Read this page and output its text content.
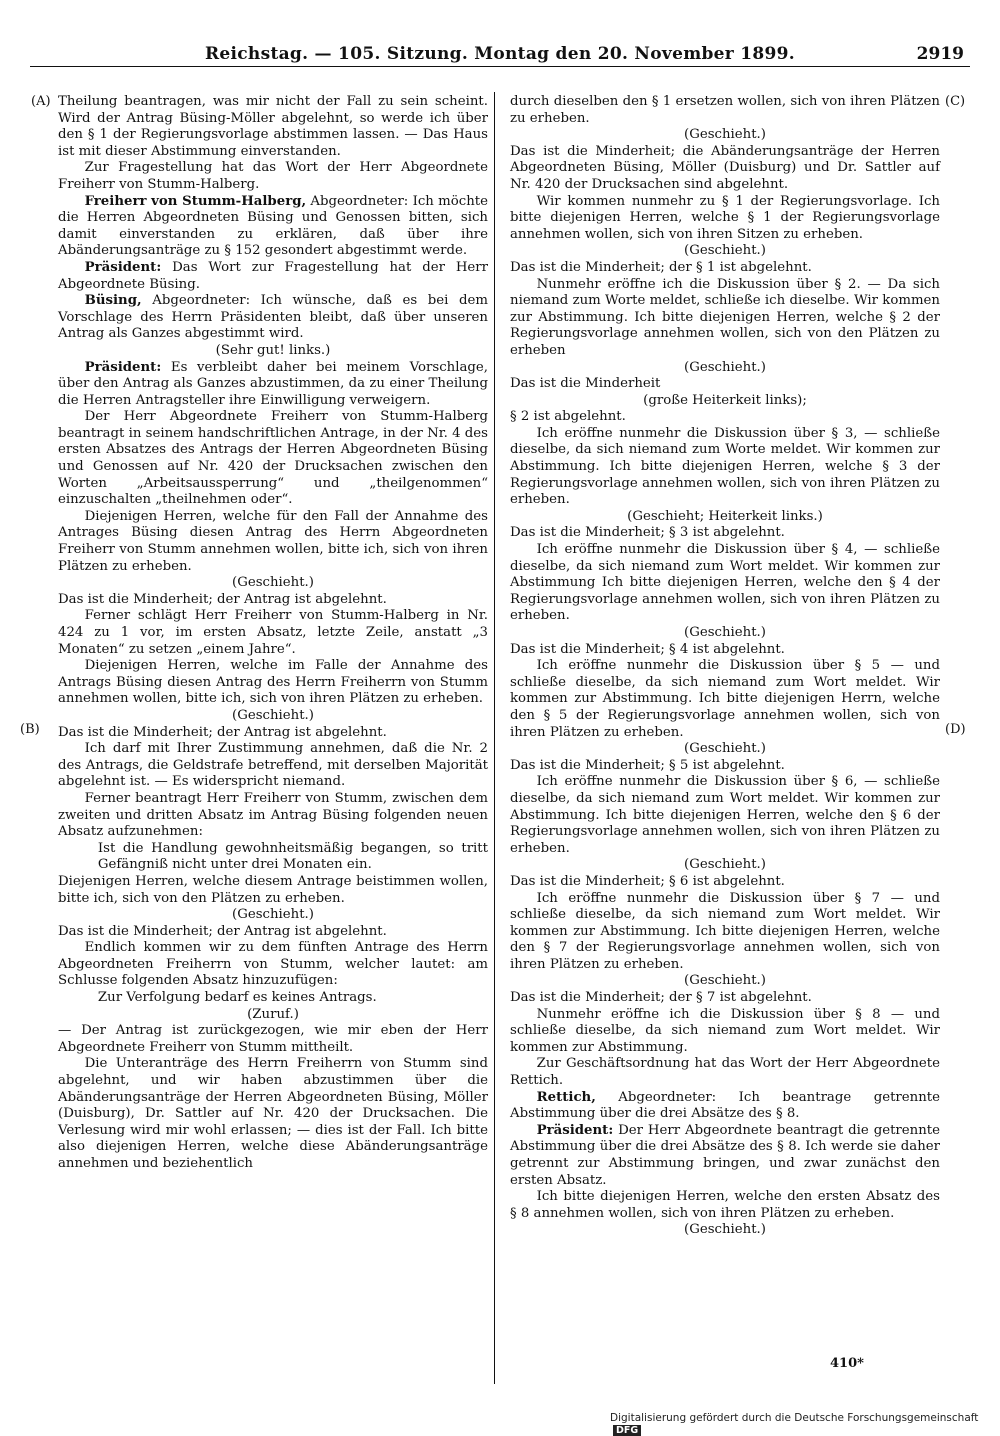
Reichstag. — 105. Sitzung. Montag den 20. November 1899.	2919
(A)
(B)
(C)
(D)

Theilung beantragen, was mir nicht der Fall zu sein scheint. Wird der Antrag Büsing-Möller abgelehnt, so werde ich über den § 1 der Regierungsvorlage abstimmen lassen. — Das Haus ist mit dieser Abstimmung einverstanden.

Zur Fragestellung hat das Wort der Herr Abgeordnete Freiherr von Stumm-Halberg.

Freiherr von Stumm-Halberg, Abgeordneter: Ich möchte die Herren Abgeordneten Büsing und Genossen bitten, sich damit einverstanden zu erklären, daß über ihre Abänderungsanträge zu § 152 gesondert abgestimmt werde.

Präsident: Das Wort zur Fragestellung hat der Herr Abgeordnete Büsing.

Büsing, Abgeordneter: Ich wünsche, daß es bei dem Vorschlage des Herrn Präsidenten bleibt, daß über unseren Antrag als Ganzes abgestimmt wird.

(Sehr gut! links.)

Präsident: Es verbleibt daher bei meinem Vorschlage, über den Antrag als Ganzes abzustimmen, da zu einer Theilung die Herren Antragsteller ihre Einwilligung verweigern.

Der Herr Abgeordnete Freiherr von Stumm-Halberg beantragt in seinem handschriftlichen Antrage, in der Nr. 4 des ersten Absatzes des Antrags der Herren Abgeordneten Büsing und Genossen auf Nr. 420 der Drucksachen zwischen den Worten „Arbeitsaussperrung“ und „theilgenommen“ einzuschalten „theilnehmen oder“.

Diejenigen Herren, welche für den Fall der Annahme des Antrages Büsing diesen Antrag des Herrn Abgeordneten Freiherr von Stumm annehmen wollen, bitte ich, sich von ihren Plätzen zu erheben.

(Geschieht.)

Das ist die Minderheit; der Antrag ist abgelehnt.

Ferner schlägt Herr Freiherr von Stumm-Halberg in Nr. 424 zu 1 vor, im ersten Absatz, letzte Zeile, anstatt „3 Monaten“ zu setzen „einem Jahre“.

Diejenigen Herren, welche im Falle der Annahme des Antrags Büsing diesen Antrag des Herrn Freiherrn von Stumm annehmen wollen, bitte ich, sich von ihren Plätzen zu erheben.

(Geschieht.)

Das ist die Minderheit; der Antrag ist abgelehnt.

Ich darf mit Ihrer Zustimmung annehmen, daß die Nr. 2 des Antrags, die Geldstrafe betreffend, mit derselben Majorität abgelehnt ist. — Es widerspricht niemand.

Ferner beantragt Herr Freiherr von Stumm, zwischen dem zweiten und dritten Absatz im Antrag Büsing folgenden neuen Absatz aufzunehmen:

Ist die Handlung gewohnheitsmäßig begangen, so tritt Gefängniß nicht unter drei Monaten ein.

Diejenigen Herren, welche diesem Antrage beistimmen wollen, bitte ich, sich von den Plätzen zu erheben.

(Geschieht.)

Das ist die Minderheit; der Antrag ist abgelehnt.

Endlich kommen wir zu dem fünften Antrage des Herrn Abgeordneten Freiherrn von Stumm, welcher lautet: am Schlusse folgenden Absatz hinzuzufügen:

Zur Verfolgung bedarf es keines Antrags.

(Zuruf.)

— Der Antrag ist zurückgezogen, wie mir eben der Herr Abgeordnete Freiherr von Stumm mittheilt.

Die Unteranträge des Herrn Freiherrn von Stumm sind abgelehnt, und wir haben abzustimmen über die Abänderungsanträge der Herren Abgeordneten Büsing, Möller (Duisburg), Dr. Sattler auf Nr. 420 der Drucksachen. Die Verlesung wird mir wohl erlassen; — dies ist der Fall. Ich bitte also diejenigen Herren, welche diese Abänderungsanträge annehmen und beziehentlich

durch dieselben den § 1 ersetzen wollen, sich von ihren Plätzen zu erheben.

(Geschieht.)

Das ist die Minderheit; die Abänderungsanträge der Herren Abgeordneten Büsing, Möller (Duisburg) und Dr. Sattler auf Nr. 420 der Drucksachen sind abgelehnt.

Wir kommen nunmehr zu § 1 der Regierungsvorlage. Ich bitte diejenigen Herren, welche § 1 der Regierungsvorlage annehmen wollen, sich von ihren Sitzen zu erheben.

(Geschieht.)

Das ist die Minderheit; der § 1 ist abgelehnt.

Nunmehr eröffne ich die Diskussion über § 2. — Da sich niemand zum Worte meldet, schließe ich dieselbe. Wir kommen zur Abstimmung. Ich bitte diejenigen Herren, welche § 2 der Regierungsvorlage annehmen wollen, sich von den Plätzen zu erheben

(Geschieht.)

Das ist die Minderheit

(große Heiterkeit links);

§ 2 ist abgelehnt.

Ich eröffne nunmehr die Diskussion über § 3, — schließe dieselbe, da sich niemand zum Worte meldet. Wir kommen zur Abstimmung. Ich bitte diejenigen Herren, welche § 3 der Regierungsvorlage annehmen wollen, sich von ihren Plätzen zu erheben.

(Geschieht; Heiterkeit links.)

Das ist die Minderheit; § 3 ist abgelehnt.

Ich eröffne nunmehr die Diskussion über § 4, — schließe dieselbe, da sich niemand zum Wort meldet. Wir kommen zur Abstimmung Ich bitte diejenigen Herren, welche den § 4 der Regierungsvorlage annehmen wollen, sich von ihren Plätzen zu erheben.

(Geschieht.)

Das ist die Minderheit; § 4 ist abgelehnt.

Ich eröffne nunmehr die Diskussion über § 5 — und schließe dieselbe, da sich niemand zum Wort meldet. Wir kommen zur Abstimmung. Ich bitte diejenigen Herrn, welche den § 5 der Regierungsvorlage annehmen wollen, sich von ihren Plätzen zu erheben.

(Geschieht.)

Das ist die Minderheit; § 5 ist abgelehnt.

Ich eröffne nunmehr die Diskussion über § 6, — schließe dieselbe, da sich niemand zum Wort meldet. Wir kommen zur Abstimmung. Ich bitte diejenigen Herren, welche den § 6 der Regierungsvorlage annehmen wollen, sich von ihren Plätzen zu erheben.

(Geschieht.)

Das ist die Minderheit; § 6 ist abgelehnt.

Ich eröffne nunmehr die Diskussion über § 7 — und schließe dieselbe, da sich niemand zum Wort meldet. Wir kommen zur Abstimmung. Ich bitte diejenigen Herren, welche den § 7 der Regierungsvorlage annehmen wollen, sich von ihren Plätzen zu erheben.

(Geschieht.)

Das ist die Minderheit; der § 7 ist abgelehnt.

Nunmehr eröffne ich die Diskussion über § 8 — und schließe dieselbe, da sich niemand zum Wort meldet. Wir kommen zur Abstimmung.

Zur Geschäftsordnung hat das Wort der Herr Abgeordnete Rettich.

Rettich, Abgeordneter: Ich beantrage getrennte Abstimmung über die drei Absätze des § 8.

Präsident: Der Herr Abgeordnete beantragt die getrennte Abstimmung über die drei Absätze des § 8. Ich werde sie daher getrennt zur Abstimmung bringen, und zwar zunächst den ersten Absatz.

Ich bitte diejenigen Herren, welche den ersten Absatz des § 8 annehmen wollen, sich von ihren Plätzen zu erheben.

(Geschieht.)

410*
Digitalisierung gefördert durch die Deutsche Forschungsgemeinschaft DFG
